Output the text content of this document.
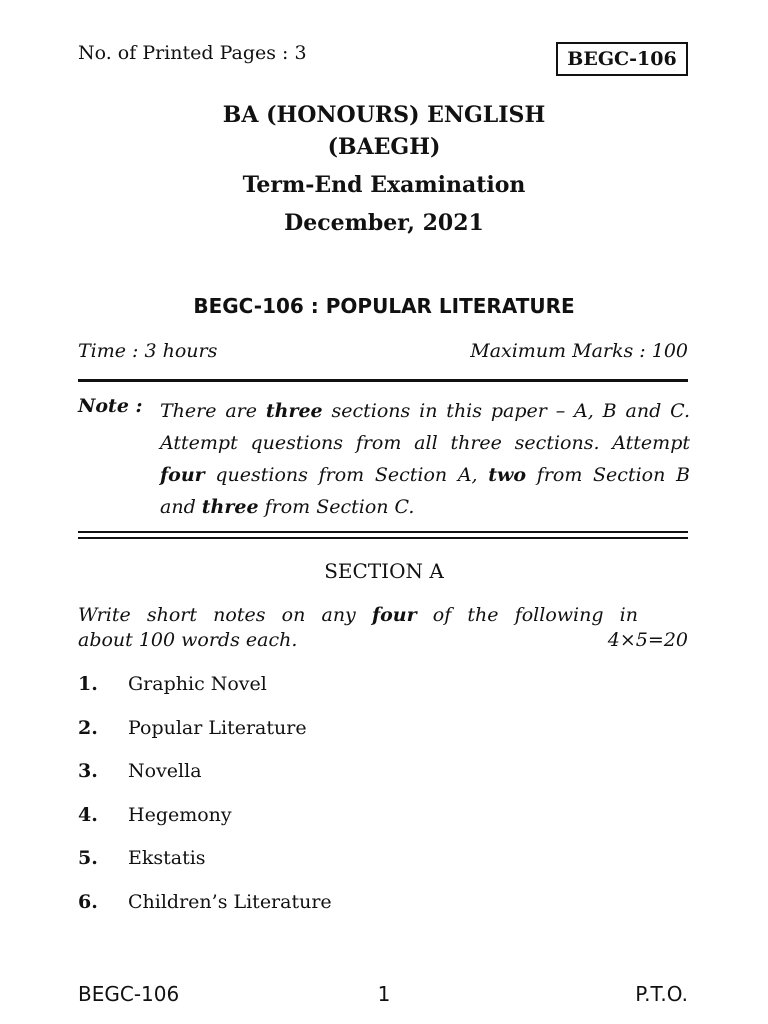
No. of Printed Pages : 3	BEGC-106
BA (HONOURS) ENGLISH
(BAEGH)
Term-End Examination
December, 2021
BEGC-106 : POPULAR LITERATURE
Time : 3 hours	Maximum Marks : 100
Note : There are three sections in this paper – A, B and C. Attempt questions from all three sections. Attempt four questions from Section A, two from Section B and three from Section C.
SECTION A
Write short notes on any four of the following in
about 100 words each.	4×5=20
1.	Graphic Novel
2.	Popular Literature
3.	Novella
4.	Hegemony
5.	Ekstatis
6.	Children’s Literature
BEGC-106	1	P.T.O.
